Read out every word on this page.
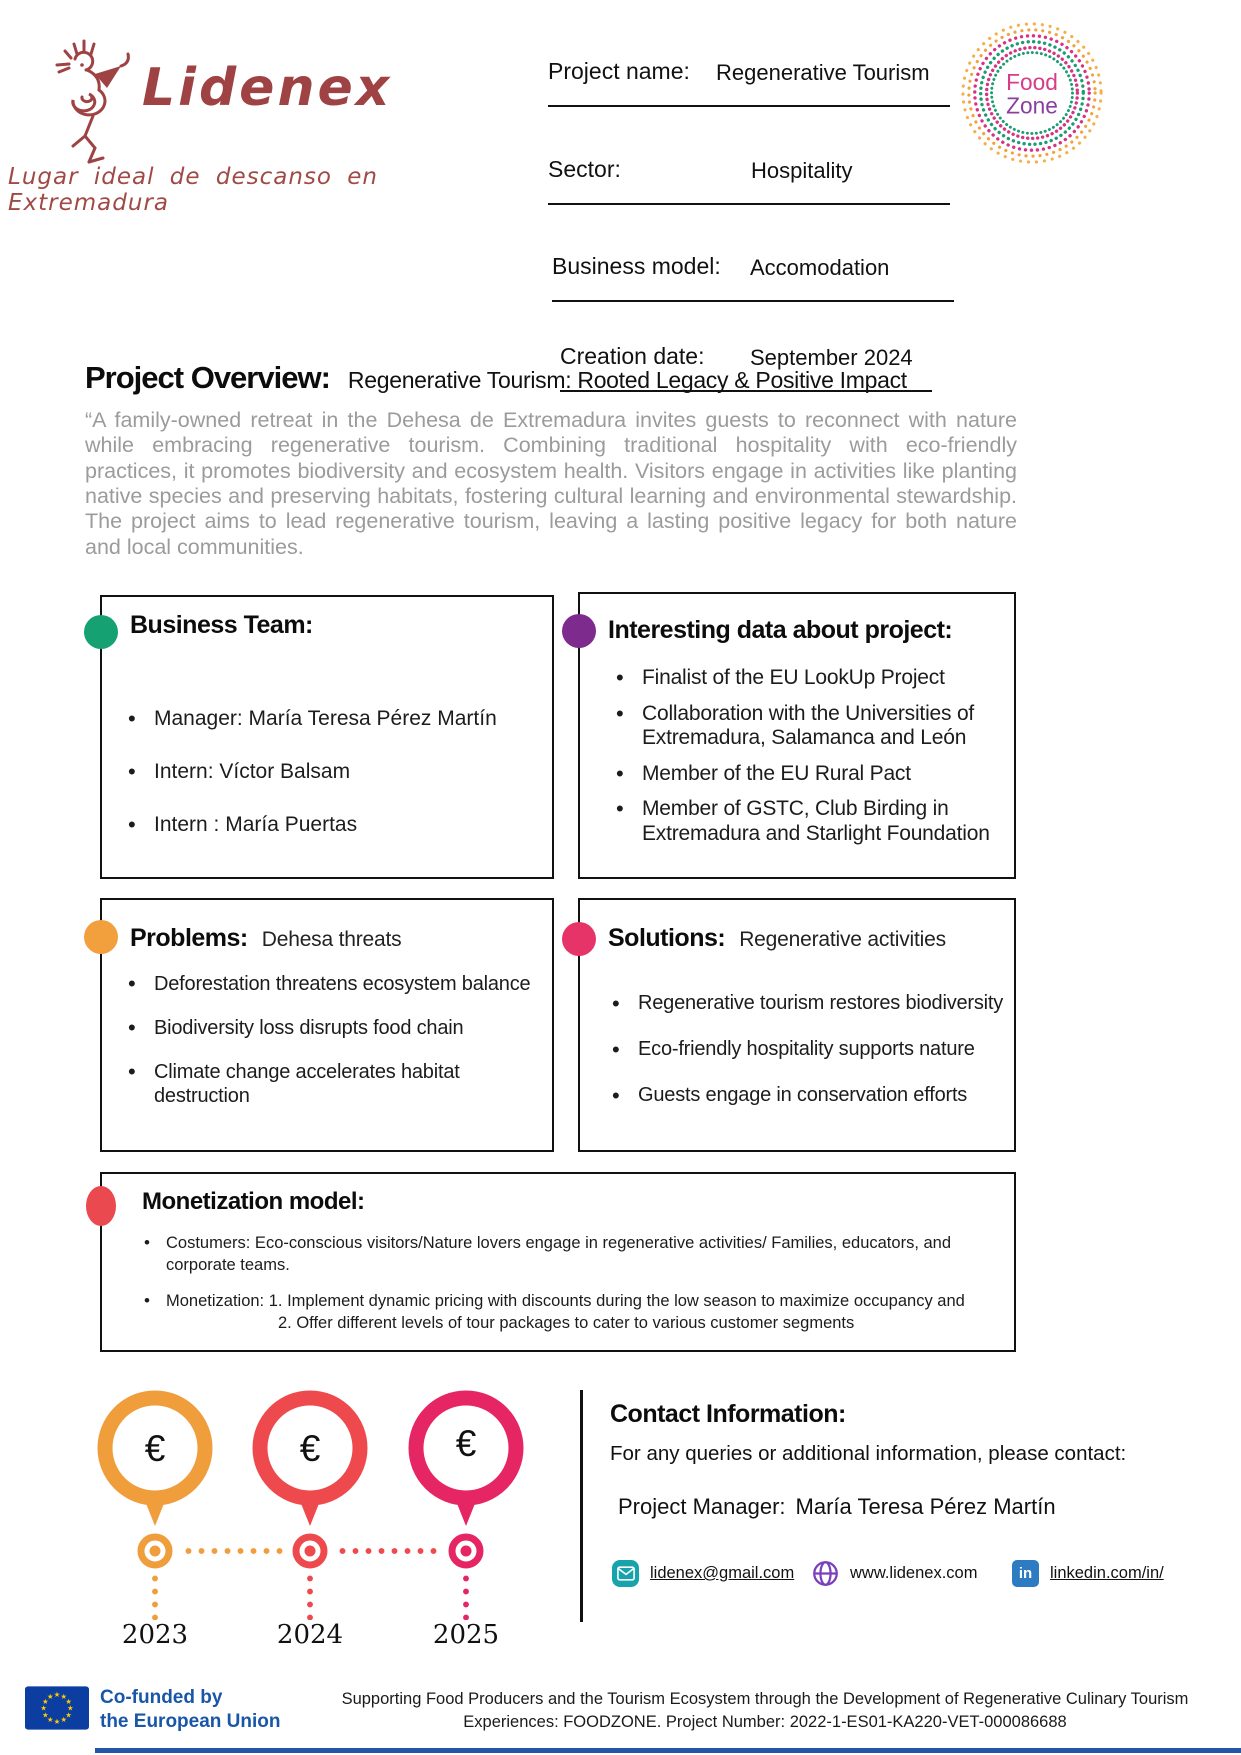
Lidenex
Lugar ideal de descanso en Extremadura
Project name: Regenerative Tourism
Sector:	Hospitality
Business model: Accomodation
Creation date: September 2024
Food
Zone
Project Overview: Regenerative Tourism: Rooted Legacy & Positive Impact
“A family-owned retreat in the Dehesa de Extremadura invites guests to reconnect with nature while embracing regenerative tourism. Combining traditional hospitality with eco-friendly practices, it promotes biodiversity and ecosystem health. Visitors engage in activities like planting native species and preserving habitats, fostering cultural learning and environmental stewardship. The project aims to lead regenerative tourism, leaving a lasting positive legacy for both nature and local communities.
Business Team:
• Manager: María Teresa Pérez Martín
• Intern: Víctor Balsam
• Intern : María Puertas
Interesting data about project:
• Finalist of the EU LookUp Project
• Collaboration with the Universities of Extremadura, Salamanca and León
• Member of the EU Rural Pact
• Member of GSTC, Club Birding in Extremadura and Starlight Foundation
Problems: Dehesa threats
• Deforestation threatens ecosystem balance
• Biodiversity loss disrupts food chain
• Climate change accelerates habitat destruction
Solutions: Regenerative activities
• Regenerative tourism restores biodiversity
• Eco-friendly hospitality supports nature
• Guests engage in conservation efforts
Monetization model:
• Costumers: Eco-conscious visitors/Nature lovers engage in regenerative activities/ Families, educators, and corporate teams.
• Monetization: 1. Implement dynamic pricing with discounts during the low season to maximize occupancy and
2. Offer different levels of tour packages to cater to various customer segments
€	€	€
2023	2024	2025
Contact Information:
For any queries or additional information, please contact:
Project Manager: María Teresa Pérez Martín
lidenex@gmail.com	www.lidenex.com	in linkedin.com/in/
★ ★
★
★
★
★
★
★
★
★
★
★ Co-funded by
the European Union
Supporting Food Producers and the Tourism Ecosystem through the Development of Regenerative Culinary Tourism
Experiences: FOODZONE. Project Number: 2022-1-ES01-KA220-VET-000086688
